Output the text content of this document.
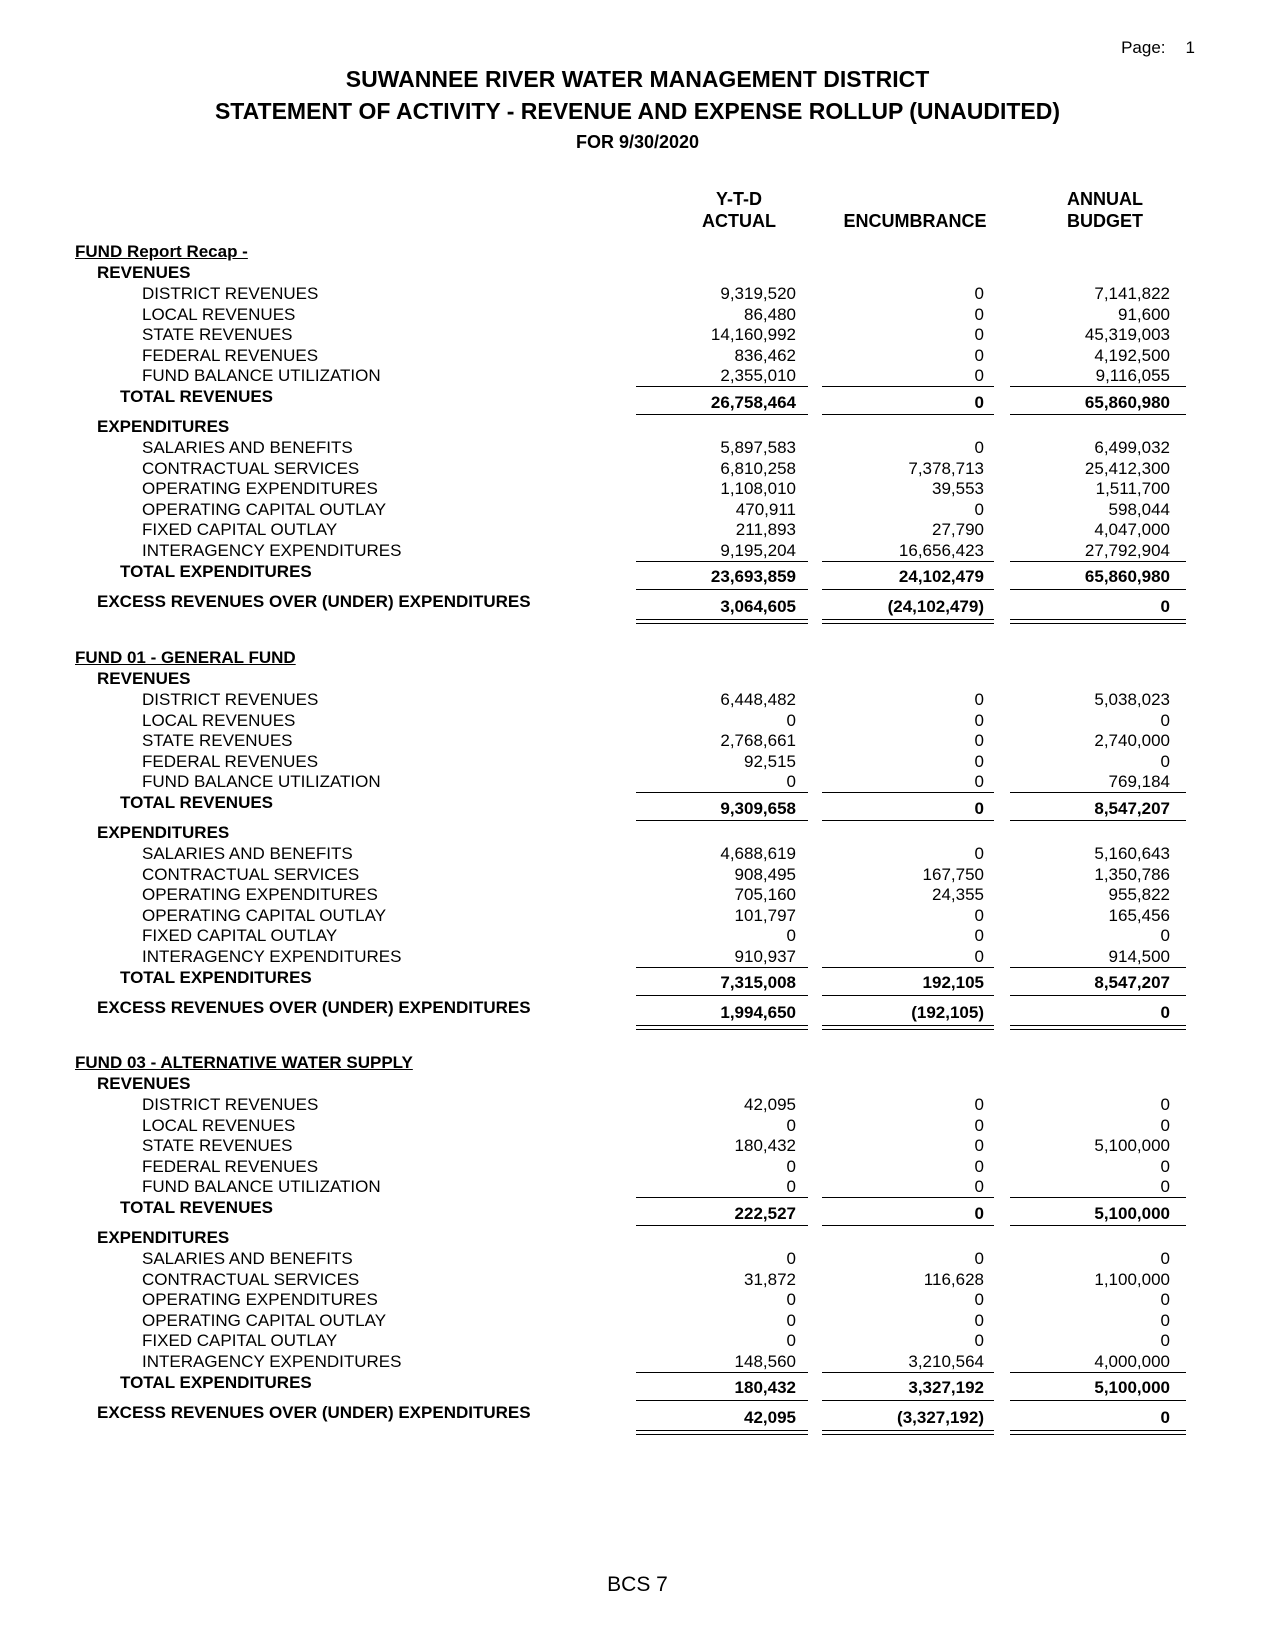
Page: 1
SUWANNEE RIVER WATER MANAGEMENT DISTRICT
STATEMENT OF ACTIVITY - REVENUE AND EXPENSE ROLLUP (UNAUDITED)
FOR 9/30/2020
Y-T-D
ACTUAL	ENCUMBRANCE
ANNUAL
BUDGET
FUND Report Recap -
REVENUES
DISTRICT REVENUES	9,319,520	0	7,141,822
LOCAL REVENUES	86,480	0	91,600
STATE REVENUES	14,160,992	0	45,319,003
FEDERAL REVENUES	836,462	0	4,192,500
FUND BALANCE UTILIZATION	2,355,010	0	9,116,055
TOTAL REVENUES	26,758,464	0	65,860,980
EXPENDITURES
SALARIES AND BENEFITS	5,897,583	0	6,499,032
CONTRACTUAL SERVICES	6,810,258	7,378,713	25,412,300
OPERATING EXPENDITURES	1,108,010	39,553	1,511,700
OPERATING CAPITAL OUTLAY	470,911	0	598,044
FIXED CAPITAL OUTLAY	211,893	27,790	4,047,000
INTERAGENCY EXPENDITURES	9,195,204	16,656,423	27,792,904
TOTAL EXPENDITURES	23,693,859	24,102,479	65,860,980
EXCESS REVENUES OVER (UNDER) EXPENDITURES	3,064,605	(24,102,479)	0
FUND 01 - GENERAL FUND
REVENUES
DISTRICT REVENUES	6,448,482	0	5,038,023
LOCAL REVENUES	0	0	0
STATE REVENUES	2,768,661	0	2,740,000
FEDERAL REVENUES	92,515	0	0
FUND BALANCE UTILIZATION	0	0	769,184
TOTAL REVENUES	9,309,658	0	8,547,207
EXPENDITURES
SALARIES AND BENEFITS	4,688,619	0	5,160,643
CONTRACTUAL SERVICES	908,495	167,750	1,350,786
OPERATING EXPENDITURES	705,160	24,355	955,822
OPERATING CAPITAL OUTLAY	101,797	0	165,456
FIXED CAPITAL OUTLAY	0	0	0
INTERAGENCY EXPENDITURES	910,937	0	914,500
TOTAL EXPENDITURES	7,315,008	192,105	8,547,207
EXCESS REVENUES OVER (UNDER) EXPENDITURES	1,994,650	(192,105)	0
FUND 03 - ALTERNATIVE WATER SUPPLY
REVENUES
DISTRICT REVENUES	42,095	0	0
LOCAL REVENUES	0	0	0
STATE REVENUES	180,432	0	5,100,000
FEDERAL REVENUES	0	0	0
FUND BALANCE UTILIZATION	0	0	0
TOTAL REVENUES	222,527	0	5,100,000
EXPENDITURES
SALARIES AND BENEFITS	0	0	0
CONTRACTUAL SERVICES	31,872	116,628	1,100,000
OPERATING EXPENDITURES	0	0	0
OPERATING CAPITAL OUTLAY	0	0	0
FIXED CAPITAL OUTLAY	0	0	0
INTERAGENCY EXPENDITURES	148,560	3,210,564	4,000,000
TOTAL EXPENDITURES	180,432	3,327,192	5,100,000
EXCESS REVENUES OVER (UNDER) EXPENDITURES	42,095	(3,327,192)	0
BCS 7
